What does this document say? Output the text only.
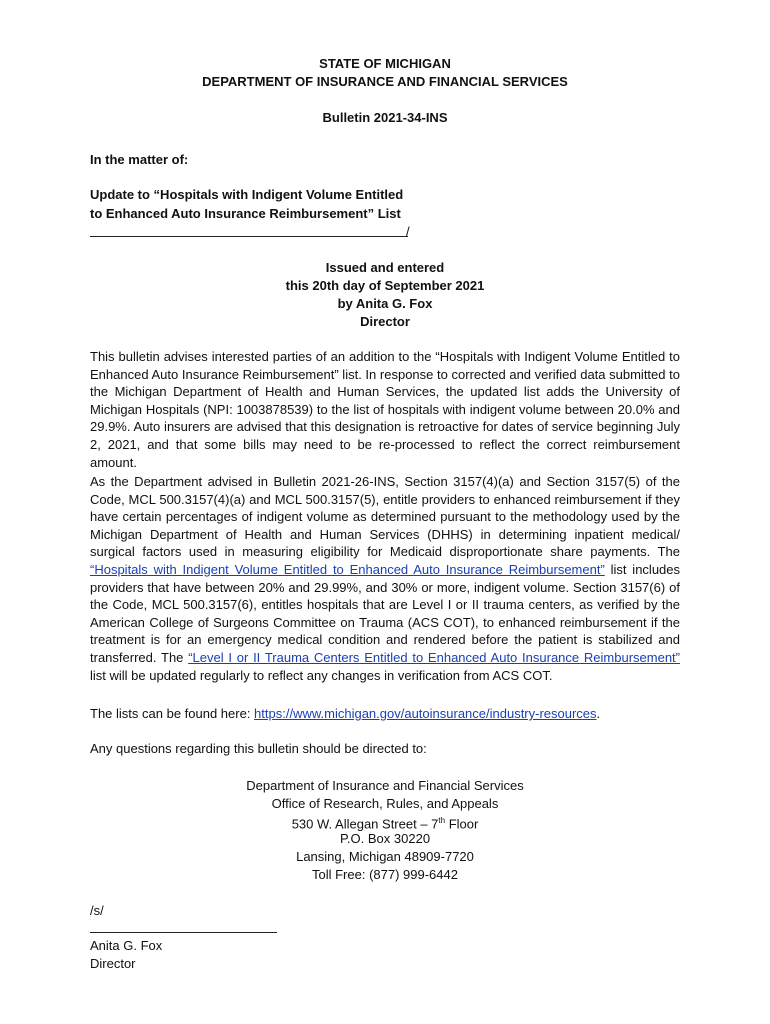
STATE OF MICHIGAN
DEPARTMENT OF INSURANCE AND FINANCIAL SERVICES
Bulletin 2021-34-INS
In the matter of:
Update to “Hospitals with Indigent Volume Entitled
to Enhanced Auto Insurance Reimbursement” List
/
Issued and entered
this 20th day of September 2021
by Anita G. Fox
Director

This bulletin advises interested parties of an addition to the “Hospitals with Indigent Volume Entitled to Enhanced Auto Insurance Reimbursement” list. In response to corrected and verified data submitted to the Michigan Department of Health and Human Services, the updated list adds the University of Michigan Hospitals (NPI: 1003878539) to the list of hospitals with indigent volume between 20.0% and 29.9%. Auto insurers are advised that this designation is retroactive for dates of service beginning July 2, 2021, and that some bills may need to be re-processed to reflect the correct reimbursement amount.

As the Department advised in Bulletin 2021-26-INS, Section 3157(4)(a) and Section 3157(5) of the Code, MCL 500.3157(4)(a) and MCL 500.3157(5), entitle providers to enhanced reimbursement if they have certain percentages of indigent volume as determined pursuant to the methodology used by the Michigan Department of Health and Human Services (DHHS) in determining inpatient medical/ surgical factors used in measuring eligibility for Medicaid disproportionate share payments. The “Hospitals with Indigent Volume Entitled to Enhanced Auto Insurance Reimbursement” list includes providers that have between 20% and 29.99%, and 30% or more, indigent volume. Section 3157(6) of the Code, MCL 500.3157(6), entitles hospitals that are Level I or II trauma centers, as verified by the American College of Surgeons Committee on Trauma (ACS COT), to enhanced reimbursement if the treatment is for an emergency medical condition and rendered before the patient is stabilized and transferred. The “Level I or II Trauma Centers Entitled to Enhanced Auto Insurance Reimbursement” list will be updated regularly to reflect any changes in verification from ACS COT.

The lists can be found here: https://www.michigan.gov/autoinsurance/industry-resources.

Any questions regarding this bulletin should be directed to:

Department of Insurance and Financial Services
Office of Research, Rules, and Appeals
530 W. Allegan Street – 7th Floor
P.O. Box 30220
Lansing, Michigan 48909-7720
Toll Free: (877) 999-6442
/s/
Anita G. Fox
Director
